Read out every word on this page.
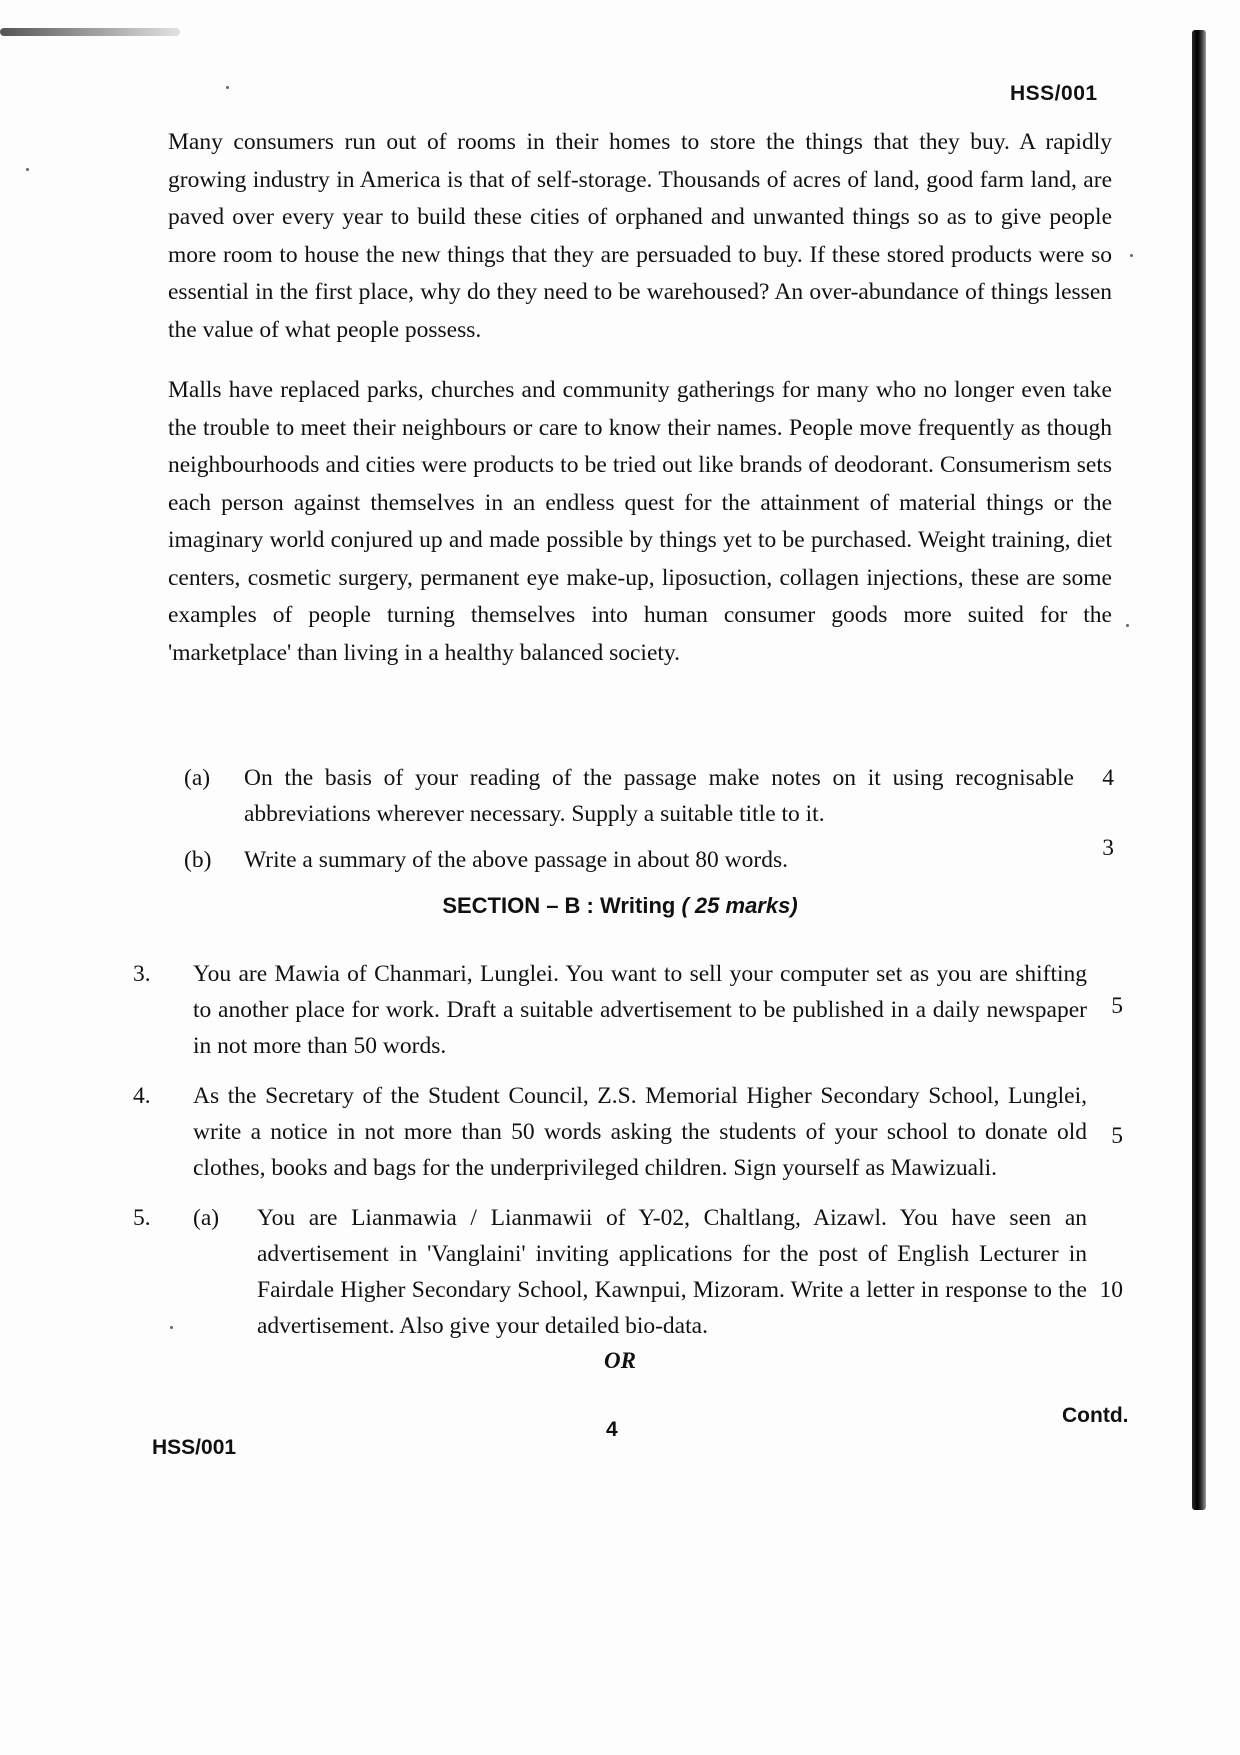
HSS/001

Many consumers run out of rooms in their homes to store the things that they buy. A rapidly growing industry in America is that of self-storage. Thousands of acres of land, good farm land, are paved over every year to build these cities of orphaned and unwanted things so as to give people more room to house the new things that they are persuaded to buy. If these stored products were so essential in the first place, why do they need to be warehoused? An over-abundance of things lessen the value of what people possess.

Malls have replaced parks, churches and community gatherings for many who no longer even take the trouble to meet their neighbours or care to know their names. People move frequently as though neighbourhoods and cities were products to be tried out like brands of deodorant. Consumerism sets each person against themselves in an endless quest for the attainment of material things or the imaginary world conjured up and made possible by things yet to be purchased. Weight training, diet centers, cosmetic surgery, permanent eye make-up, liposuction, collagen injections, these are some examples of people turning themselves into human consumer goods more suited for the 'marketplace' than living in a healthy balanced society.

(a) On the basis of your reading of the passage make notes on it using recognisable abbreviations wherever necessary. Supply a suitable title to it.
4
(b) Write a summary of the above passage in about 80 words.	3
SECTION – B : Writing ( 25 marks)
3. You are Mawia of Chanmari, Lunglei. You want to sell your computer set as you are shifting to another place for work. Draft a suitable advertisement to be published in a daily newspaper in not more than 50 words.
5
4. As the Secretary of the Student Council, Z.S. Memorial Higher Secondary School, Lunglei, write a notice in not more than 50 words asking the students of your school to donate old clothes, books and bags for the underprivileged children. Sign yourself as Mawizuali.
5
5. (a) You are Lianmawia / Lianmawii of Y-02, Chaltlang, Aizawl. You have seen an advertisement in 'Vanglaini' inviting applications for the post of English Lecturer in Fairdale Higher Secondary School, Kawnpui, Mizoram. Write a letter in response to the advertisement. Also give your detailed bio-data.
10
OR
HSS/001
4
Contd.
